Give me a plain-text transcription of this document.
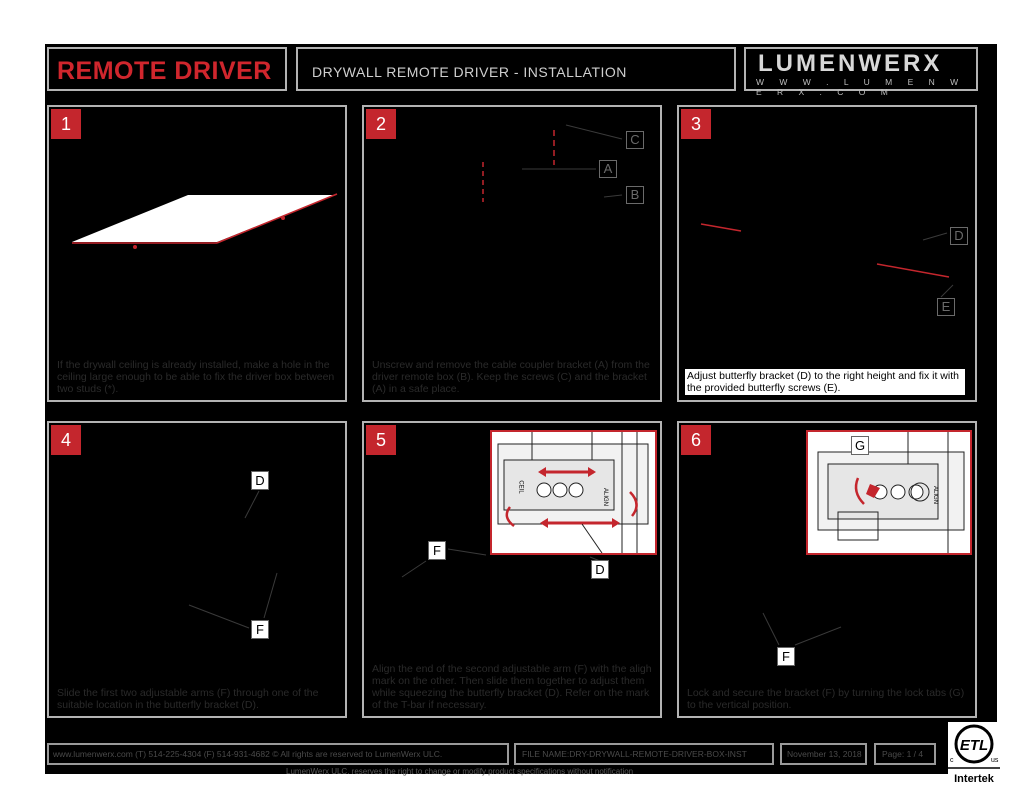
REMOTE DRIVER	DRYWALL REMOTE DRIVER - INSTALLATION	LUMENWERX
W W W . L U M E N W E R X . C O M
1
If the drywall ceiling is already installed, make a hole in the ceiling large enough to be able to fix the driver box between two studs (*).
2
C
A
B
Unscrew and remove the cable coupler bracket (A) from the driver remote box (B). Keep the screws (C) and the bracket (A) in a safe place.
3
D
E
Adjust butterfly bracket (D) to the right height and fix it with the provided butterfly screws (E).
4
D
F
Slide the first two adjustable arms (F) through one of the suitable location in the butterfly bracket (D).
5
CEIL
ALIGN
F
D
Align the end of the second adjustable arm (F) with the aligh mark on the other. Then slide them together to adjust them while squeezing the butterfly bracket (D). Refer on the mark of the T-bar if necessary.
6
ALIGN
G
F
Lock and secure the bracket (F) by turning the lock tabs (G) to the vertical position.
www.lumenwerx.com (T) 514-225-4304 (F) 514-931-4682 © All rights are reserved to LumenWerx ULC.	FILE NAME:DRY-DRYWALL-REMOTE-DRIVER-BOX-INST	November 13, 2018	Page: 1 / 4
LumenWerx ULC. reserves the right to change or modify product specifications without notification
ETL
c	us
Intertek
